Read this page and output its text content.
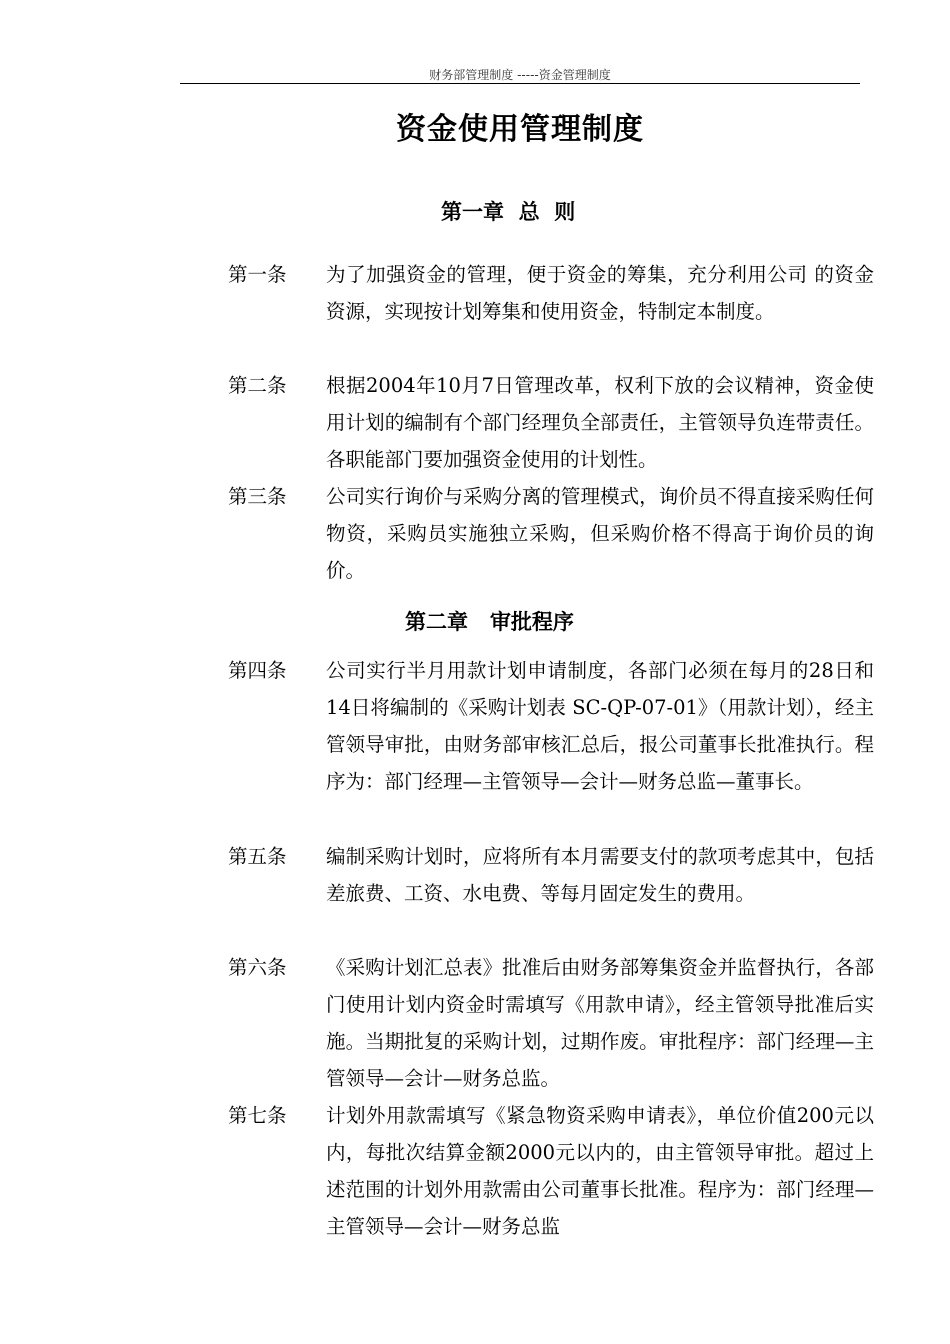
财务部管理制度 -----资金管理制度
资金使用管理制度
第一章  总  则
第一条 为了加强资金的管理，便于资金的筹集，充分利用公司 的资金资源，实现按计划筹集和使用资金，特制定本制度。
第二条 根据2004年10月7日管理改革，权利下放的会议精神，资金使用计划的编制有个部门经理负全部责任，主管领导负连带责任。各职能部门要加强资金使用的计划性。
第三条 公司实行询价与采购分离的管理模式，询价员不得直接采购任何物资，采购员实施独立采购，但采购价格不得高于询价员的询价。
第二章   审批程序
第四条 公司实行半月用款计划申请制度，各部门必须在每月的28日和14日将编制的《采购计划表 SC-QP-07-01》（用款计划），经主管领导审批，由财务部审核汇总后，报公司董事长批准执行。程序为：部门经理—主管领导—会计—财务总监—董事长。
第五条 编制采购计划时，应将所有本月需要支付的款项考虑其中，包括差旅费、工资、水电费、等每月固定发生的费用。
第六条 《采购计划汇总表》批准后由财务部筹集资金并监督执行，各部门使用计划内资金时需填写《用款申请》，经主管领导批准后实施。当期批复的采购计划，过期作废。审批程序：部门经理—主管领导—会计—财务总监。
第七条 计划外用款需填写《紧急物资采购申请表》，单位价值200元以内，每批次结算金额2000元以内的，由主管领导审批。超过上述范围的计划外用款需由公司董事长批准。程序为：部门经理—主管领导—会计—财务总监
